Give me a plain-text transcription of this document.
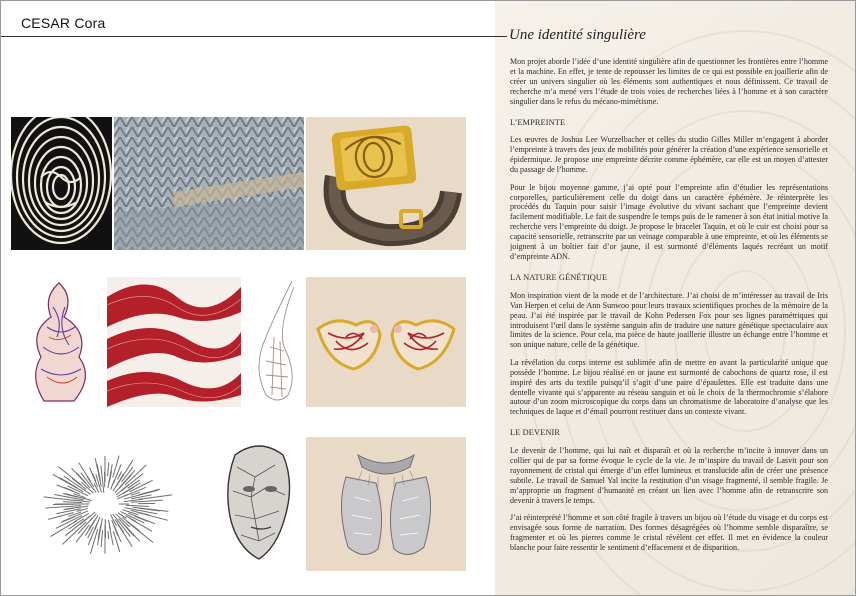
CESAR Cora
Une identité singulière

Mon projet aborde l’idée d’une identité singulière afin de questionner les frontières entre l’homme et la machine. En effet, je tente de repousser les limites de ce qui est possible en joaillerie afin de créer un univers singulier où les éléments sont authentiques et nous définissent. Ce travail de recherche m’a mené vers l’étude de trois voies de recherches liées à l’homme et à son caractère singulier dans le refus du mécano-mimétisme.

L’EMPREINTE

Les œuvres de Joshua Lee Wurzelbacher et celles du studio Gilles Miller m’engagent à aborder l’empreinte à travers des jeux de mobilités pour générer la création d’une expérience sensorielle et épidermique. Je propose une empreinte décrite comme éphémère, car elle est un moyen d’attester du passage de l’homme.

Pour le bijou moyenne gamme, j’ai opté pour l’empreinte afin d’étudier les représentations corporelles, particulièrement celle du doigt dans un caractère éphémère. Je réinterprète les procédés du Taquin pour saisir l’image évolutive du vivant sachant que l’empreinte devient facilement modifiable. Le fait de suspendre le temps puis de le ramener à son état initial motive la recherche vers l’empreinte du doigt. Je propose le bracelet Taquin, et où le cuir est choisi pour sa capacité sensorielle, retranscrite par un veinage comparable à une empreinte, et où les éléments se joignent à un boîtier fait d’or jaune, il est surmonté d’éléments laqués recréant un motif d’empreinte ADN.

LA NATURE GÉNÉTIQUE

Mon inspiration vient de la mode et de l’architecture. J’ai choisi de m’intéresser au travail de Iris Van Herpen et celui de Ann Sunwoo pour leurs travaux scientifiques proches de la mémoire de la peau. J’ai été inspirée par le travail de Kohn Pedersen Fox pour ses lignes paramétriques qui introduisent l’œil dans le système sanguin afin de traduire une nature génétique spectaculaire aux limites de la science. Pour cela, ma pièce de haute joaillerie illustre un échange entre l’homme et son unique nature, celle de la génétique.

La révélation du corps interne est sublimée afin de mettre en avant la particularité unique que possède l’homme. Le bijou réalisé en or jaune est surmonté de cabochons de quartz rose, il est inspiré des arts du textile puisqu’il s’agit d’une paire d’épaulettes. Elle est traduite dans une dentelle vivante qui s’apparente au réseau sanguin et où le choix de la thermochromie s’élabore autour d’un zoom microscopique du corps dans un chromatisme de laboratoire d’analyse que les techniques de laque et d’émail pourront restituer dans un contexte vivant.

LE DEVENIR

Le devenir de l’homme, qui lui naît et disparaît et où la recherche m’incite à innover dans un collier qui de par sa forme évoque le cycle de la vie. Je m’inspire du travail de Lasvit pour son rayonnement de cristal qui émerge d’un effet lumineux et translucide afin de créer une présence subtile. Le travail de Samuel Yal incite la restitution d’un visage fragmenté, il semble fragile. Je m’approprie un fragment d’humanité en créant un lien avec l’homme afin de retranscrire son devenir à travers le temps.

J’ai réinterprété l’homme et son côté fragile à travers un bijou où l’étude du visage et du corps est envisagée sous forme de narration. Des formes désagrégées où l’homme semble disparaître, se fragmenter et où les pierres comme le cristal révèlent cet effet. Il met en évidence la couleur blanche pour faire ressentir le sentiment d’effacement et de disparition.
